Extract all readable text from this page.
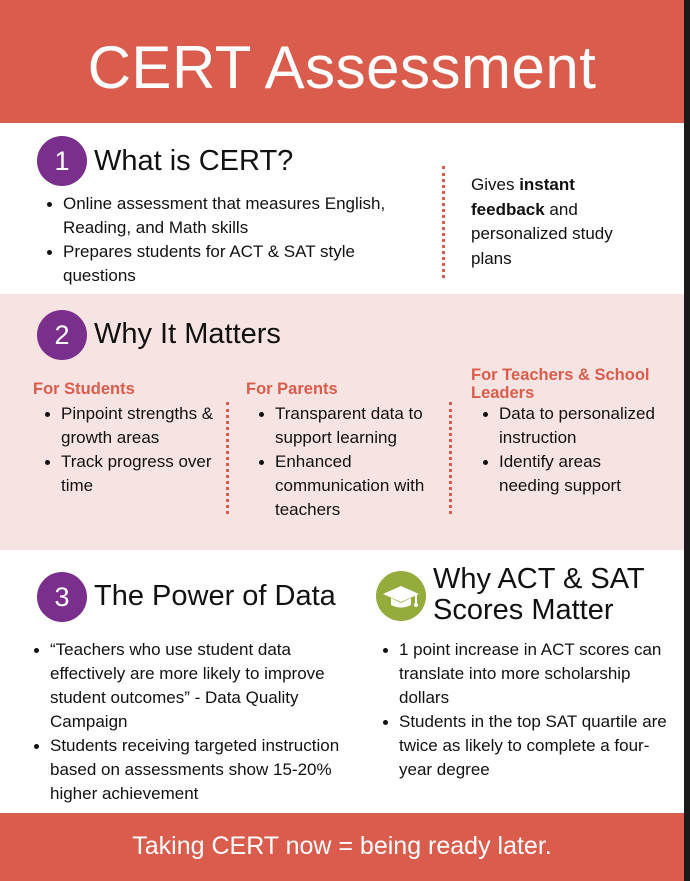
CERT Assessment
1 What is CERT?
Online assessment that measures English, Reading, and Math skills
Prepares students for ACT & SAT style questions
Gives instant feedback and personalized study plans
2 Why It Matters
For Students
Pinpoint strengths & growth areas
Track progress over time
For Parents
Transparent data to support learning
Enhanced communication with teachers
For Teachers & School Leaders
Data to personalized instruction
Identify areas needing support
3 The Power of Data
“Teachers who use student data effectively are more likely to improve student outcomes” - Data Quality Campaign
Students receiving targeted instruction based on assessments show 15-20% higher achievement
Why ACT & SAT
Scores Matter
1 point increase in ACT scores can translate into more scholarship dollars
Students in the top SAT quartile are twice as likely to complete a four-year degree

Taking CERT now = being ready later.
